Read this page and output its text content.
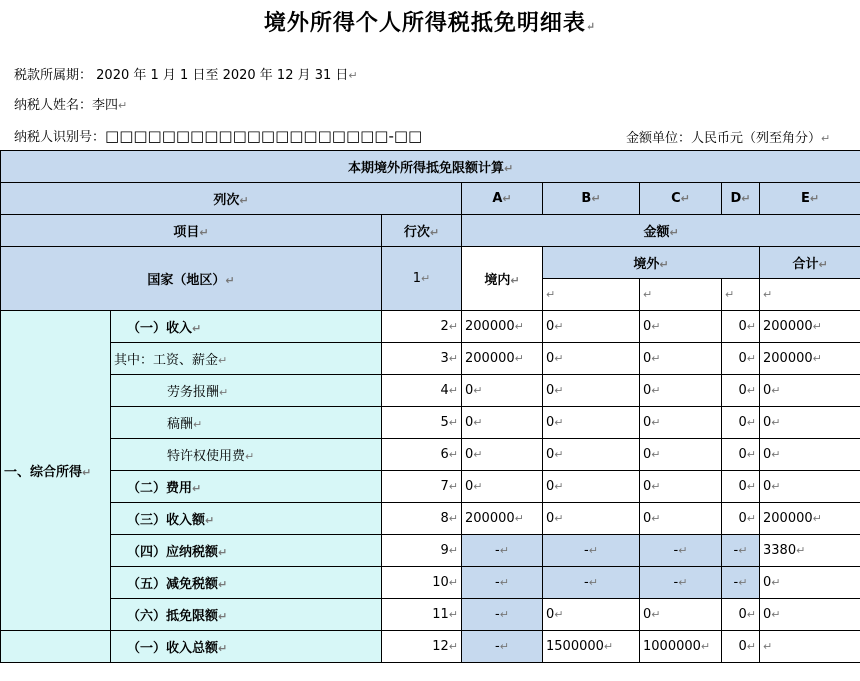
境外所得个人所得税抵免明细表↵
税款所属期： 2020 年 1 月 1 日至 2020 年 12 月 31 日↵
纳税人姓名：李四↵
纳税人识别号：□□□□□□□□□□□□□□□□□□□□-□□	金额单位：人民币元（列至角分）↵
本期境外所得抵免限额计算↵							
列次↵			A↵	B↵	C↵	D↵	E↵
项目↵		行次↵	金额↵				
国家（地区）↵		1↵	境内↵	境外↵			合计↵
				↵	↵	↵	↵
一、综合所得↵	（一）收入↵	2↵	200000↵	0↵	0↵	0↵	200000↵
	其中：工资、薪金↵	3↵	200000↵	0↵	0↵	0↵	200000↵
	劳务报酬↵	4↵	0↵	0↵	0↵	0↵	0↵
	稿酬↵	5↵	0↵	0↵	0↵	0↵	0↵
	特许权使用费↵	6↵	0↵	0↵	0↵	0↵	0↵
	（二）费用↵	7↵	0↵	0↵	0↵	0↵	0↵
	（三）收入额↵	8↵	200000↵	0↵	0↵	0↵	200000↵
	（四）应纳税额↵	9↵	-↵	-↵	-↵	-↵	3380↵
	（五）减免税额↵	10↵	-↵	-↵	-↵	-↵	0↵
	（六）抵免限额↵	11↵	-↵	0↵	0↵	0↵	0↵
	（一）收入总额↵	12↵	-↵	1500000↵	1000000↵	0↵	↵
